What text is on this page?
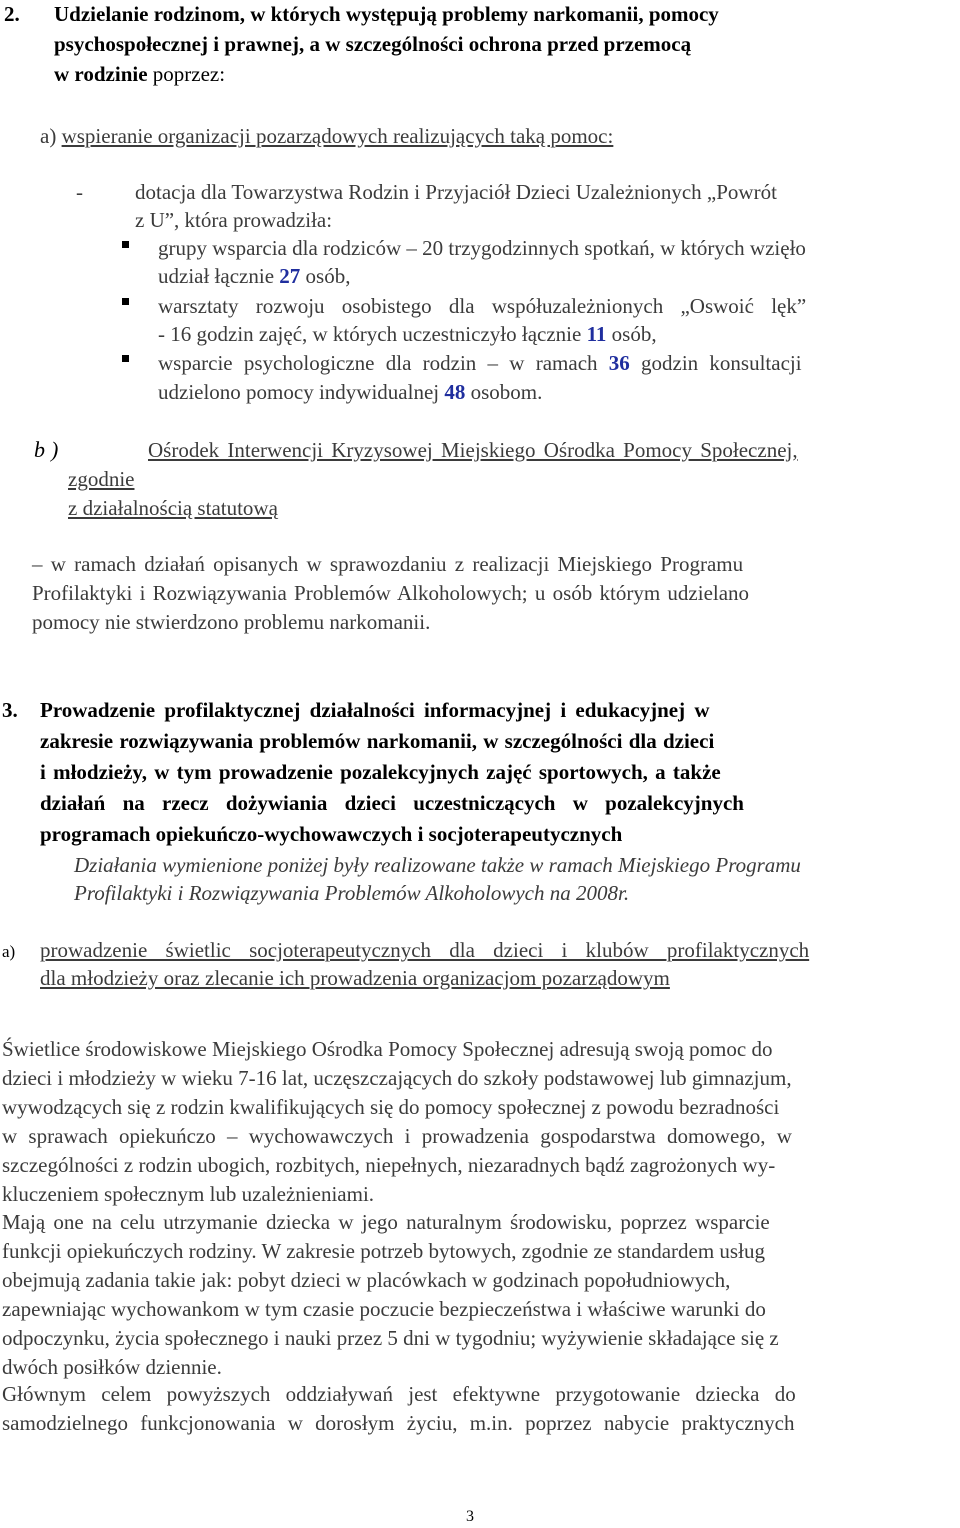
2. Udzielanie rodzinom, w których występują problemy narkomanii, pomocy
psychospołecznej i prawnej, a w szczególności ochrona przed przemocą
w rodzinie poprzez:
a) wspieranie organizacji pozarządowych realizujących taką pomoc:
- dotacja dla Towarzystwa Rodzin i Przyjaciół Dzieci Uzależnionych „Powrót
z U”, która prowadziła:
grupy wsparcia dla rodziców – 20 trzygodzinnych spotkań, w których wzięło
udział łącznie 27 osób,
warsztaty rozwoju osobistego dla współuzależnionych „Oswoić lęk”
- 16 godzin zajęć, w których uczestniczyło łącznie 11 osób,
wsparcie psychologiczne dla rodzin – w ramach 36 godzin konsultacji
udzielono pomocy indywidualnej 48 osobom.
b)	Ośrodek Interwencji Kryzysowej Miejskiego Ośrodka Pomocy Społecznej,
zgodnie
z działalnością statutową
– w ramach działań opisanych w sprawozdaniu z realizacji Miejskiego Programu
Profilaktyki i Rozwiązywania Problemów Alkoholowych; u osób którym udzielano
pomocy nie stwierdzono problemu narkomanii.
3. Prowadzenie profilaktycznej działalności informacyjnej i edukacyjnej w
zakresie rozwiązywania problemów narkomanii, w szczególności dla dzieci
i młodzieży, w tym prowadzenie pozalekcyjnych zajęć sportowych, a także
działań na rzecz dożywiania dzieci uczestniczących w pozalekcyjnych
programach opiekuńczo-wychowawczych i socjoterapeutycznych
Działania wymienione poniżej były realizowane także w ramach Miejskiego Programu
Profilaktyki i Rozwiązywania Problemów Alkoholowych na 2008r.
a) prowadzenie świetlic socjoterapeutycznych dla dzieci i klubów profilaktycznych
dla młodzieży oraz zlecanie ich prowadzenia organizacjom pozarządowym
Świetlice środowiskowe Miejskiego Ośrodka Pomocy Społecznej adresują swoją pomoc do
dzieci i młodzieży w wieku 7-16 lat, uczęszczających do szkoły podstawowej lub gimnazjum,
wywodzących się z rodzin kwalifikujących się do pomocy społecznej z powodu bezradności
w sprawach opiekuńczo – wychowawczych i prowadzenia gospodarstwa domowego, w
szczególności z rodzin ubogich, rozbitych, niepełnych, niezaradnych bądź zagrożonych wy-
kluczeniem społecznym lub uzależnieniami.
Mają one na celu utrzymanie dziecka w jego naturalnym środowisku, poprzez wsparcie
funkcji opiekuńczych rodziny. W zakresie potrzeb bytowych, zgodnie ze standardem usług
obejmują zadania takie jak: pobyt dzieci w placówkach w godzinach popołudniowych,
zapewniając wychowankom w tym czasie poczucie bezpieczeństwa i właściwe warunki do
odpoczynku, życia społecznego i nauki przez 5 dni w tygodniu; wyżywienie składające się z
dwóch posiłków dziennie.
Głównym celem powyższych oddziaływań jest efektywne przygotowanie dziecka do
samodzielnego funkcjonowania w dorosłym życiu, m.in. poprzez nabycie praktycznych
3
